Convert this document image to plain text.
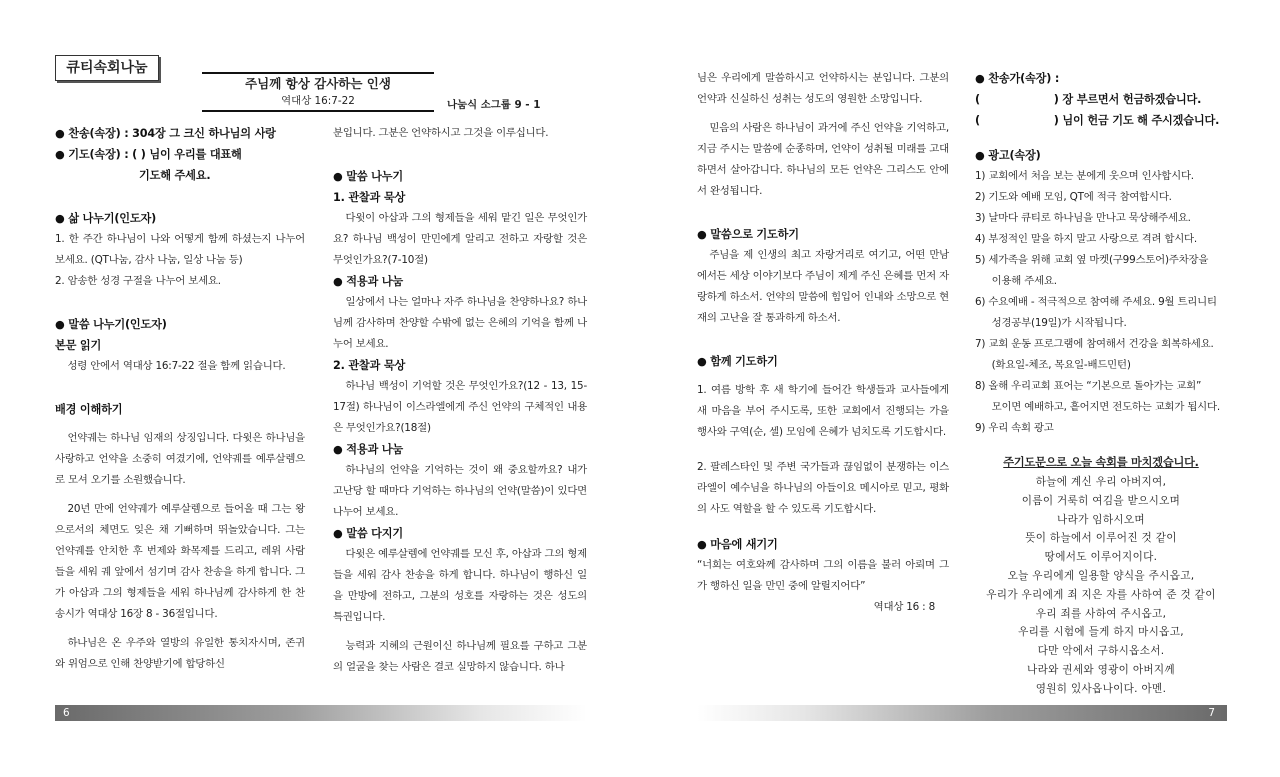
큐티속회나눔
주님께 항상 감사하는 인생
역대상 16:7-22	나눔식 소그룹 9 - 1

● 찬송(속장) : 304장 그 크신 하나님의 사랑

● 기도(속장) : ( ) 님이 우리를 대표해

기도해 주세요.

● 삶 나누기(인도자)

1. 한 주간 하나님이 나와 어떻게 함께 하셨는지 나누어 보세요. (QT나눔, 감사 나눔, 일상 나눔 등)

2. 암송한 성경 구절을 나누어 보세요.

● 말씀 나누기(인도자)

본문 읽기

성령 안에서 역대상 16:7-22 절을 함께 읽습니다.

배경 이해하기

언약궤는 하나님 임재의 상징입니다. 다윗은 하나님을 사랑하고 언약을 소중히 여겼기에, 언약궤를 예루살렘으로 모셔 오기를 소원했습니다.

20년 만에 언약궤가 예루살렘으로 들어올 때 그는 왕으로서의 체면도 잊은 채 기뻐하며 뛰놀았습니다. 그는 언약궤를 안치한 후 번제와 화목제를 드리고, 레위 사람들을 세워 궤 앞에서 섬기며 감사 찬송을 하게 합니다. 그가 아삽과 그의 형제들을 세워 하나님께 감사하게 한 찬송시가 역대상 16장 8 - 36절입니다.

하나님은 온 우주와 열방의 유일한 통치자시며, 존귀와 위엄으로 인해 찬양받기에 합당하신

분입니다. 그분은 언약하시고 그것을 이루십니다.

● 말씀 나누기

1. 관찰과 묵상

다윗이 아삽과 그의 형제들을 세워 맡긴 일은 무엇인가요? 하나님 백성이 만민에게 알리고 전하고 자랑할 것은 무엇인가요?(7-10절)

● 적용과 나눔

일상에서 나는 얼마나 자주 하나님을 찬양하나요? 하나님께 감사하며 찬양할 수밖에 없는 은혜의 기억을 함께 나누어 보세요.

2. 관찰과 묵상

하나님 백성이 기억할 것은 무엇인가요?(12 - 13, 15-17절) 하나님이 이스라엘에게 주신 언약의 구체적인 내용은 무엇인가요?(18절)

● 적용과 나눔

하나님의 언약을 기억하는 것이 왜 중요할까요? 내가 고난당 할 때마다 기억하는 하나님의 언약(말씀)이 있다면 나누어 보세요.

● 말씀 다지기

다윗은 예루살렘에 언약궤를 모신 후, 아삽과 그의 형제들을 세워 감사 찬송을 하게 합니다. 하나님이 행하신 일을 만방에 전하고, 그분의 성호를 자랑하는 것은 성도의 특권입니다.

능력과 지혜의 근원이신 하나님께 필요를 구하고 그분의 얼굴을 찾는 사람은 결코 실망하지 않습니다. 하나

님은 우리에게 말씀하시고 언약하시는 분입니다. 그분의 언약과 신실하신 성취는 성도의 영원한 소망입니다.

믿음의 사람은 하나님이 과거에 주신 언약을 기억하고, 지금 주시는 말씀에 순종하며, 언약이 성취될 미래를 고대하면서 살아갑니다. 하나님의 모든 언약은 그리스도 안에서 완성됩니다.

● 말씀으로 기도하기

주님을 제 인생의 최고 자랑거리로 여기고, 어떤 만남에서든 세상 이야기보다 주님이 제게 주신 은혜를 먼저 자랑하게 하소서. 언약의 말씀에 힘입어 인내와 소망으로 현재의 고난을 잘 통과하게 하소서.

● 함께 기도하기

1. 여름 방학 후 새 학기에 들어간 학생들과 교사들에게 새 마음을 부어 주시도록, 또한 교회에서 진행되는 가을 행사와 구역(순, 셀) 모임에 은혜가 넘치도록 기도합시다.

2. 팔레스타인 및 주변 국가들과 끊임없이 분쟁하는 이스라엘이 예수님을 하나님의 아들이요 메시아로 믿고, 평화의 사도 역할을 할 수 있도록 기도합시다.

● 마음에 새기기

“너희는 여호와께 감사하며 그의 이름을 불러 아뢰며 그가 행하신 일을 만민 중에 알릴지어다”

역대상 16 : 8

● 찬송가(속장) :

(                    ) 장 부르면서 헌금하겠습니다.

(                    ) 님이 헌금 기도 해 주시겠습니다.

● 광고(속장)

1) 교회에서 처음 보는 분에게 웃으며 인사합시다.

2) 기도와 예배 모임, QT에 적극 참여합시다.

3) 날마다 큐티로 하나님을 만나고 묵상해주세요.

4) 부정적인 말을 하지 말고 사랑으로 격려 합시다.

5) 세가족을 위해 교회 옆 마켓(구99스토어)주차장을

이용해 주세요.

6) 수요예배 - 적극적으로 참여해 주세요. 9월 트리니티

성경공부(19일)가 시작됩니다.

7) 교회 운동 프로그램에 참여해서 건강을 회복하세요.

(화요일-체조, 목요일-배드민턴)

8) 올해 우리교회 표어는 “기본으로 돌아가는 교회”

모이면 예배하고, 흩어지면 전도하는 교회가 됩시다.

9) 우리 속회 광고

주기도문으로 오늘 속회를 마치겠습니다.

하늘에 계신 우리 아버지여,

이름이 거룩히 여김을 받으시오며

나라가 임하시오며

뜻이 하늘에서 이루어진 것 같이

땅에서도 이루어지이다.

오늘 우리에게 일용할 양식을 주시옵고,

우리가 우리에게 죄 지은 자를 사하여 준 것 같이

우리 죄를 사하여 주시옵고,

우리를 시험에 들게 하지 마시옵고,

다만 악에서 구하시옵소서.

나라와 권세와 영광이 아버지께

영원히 있사옵나이다. 아멘.

6	7
